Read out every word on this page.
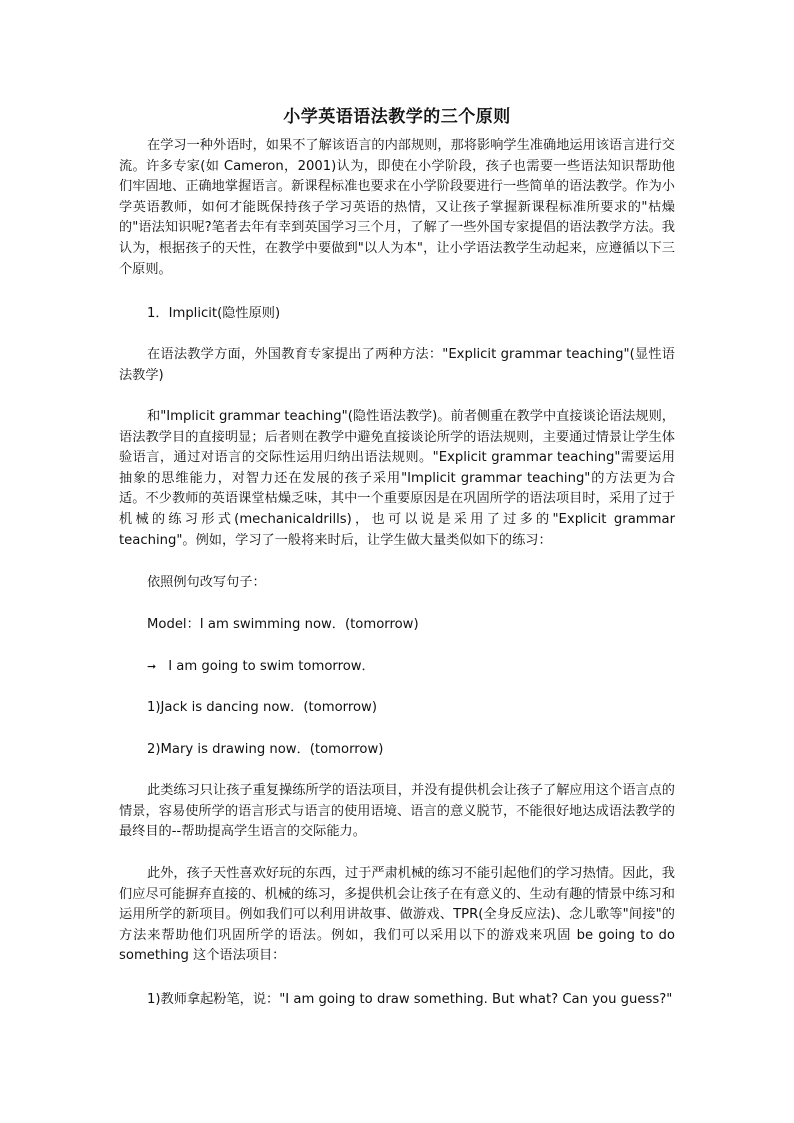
小学英语语法教学的三个原则

在学习一种外语时，如果不了解该语言的内部规则，那将影响学生准确地运用该语言进行交流。许多专家(如 Cameron，2001)认为，即使在小学阶段，孩子也需要一些语法知识帮助他们牢固地、正确地掌握语言。新课程标准也要求在小学阶段要进行一些简单的语法教学。作为小学英语教师，如何才能既保持孩子学习英语的热情，又让孩子掌握新课程标准所要求的"枯燥的"语法知识呢?笔者去年有幸到英国学习三个月，了解了一些外国专家提倡的语法教学方法。我认为，根据孩子的天性，在教学中要做到"以人为本"，让小学语法教学生动起来，应遵循以下三个原则。

1．Implicit(隐性原则)

在语法教学方面，外国教育专家提出了两种方法："Explicit grammar teaching"(显性语法教学)

和"Implicit grammar teaching"(隐性语法教学)。前者侧重在教学中直接谈论语法规则，语法教学目的直接明显；后者则在教学中避免直接谈论所学的语法规则，主要通过情景让学生体验语言，通过对语言的交际性运用归纳出语法规则。"Explicit grammar teaching"需要运用抽象的思维能力，对智力还在发展的孩子采用"Implicit grammar teaching"的方法更为合适。不少教师的英语课堂枯燥乏味，其中一个重要原因是在巩固所学的语法项目时，采用了过于机械的练习形式(mechanicaldrills)，也可以说是采用了过多的"Explicit grammar teaching"。例如，学习了一般将来时后，让学生做大量类似如下的练习：

依照例句改写句子：
Model：I am swimming now．(tomorrow)
➞ I am going to swim tomorrow．
1)Jack is dancing now．(tomorrow)
2)Mary is drawing now．(tomorrow)

此类练习只让孩子重复操练所学的语法项目，并没有提供机会让孩子了解应用这个语言点的情景，容易使所学的语言形式与语言的使用语境、语言的意义脱节，不能很好地达成语法教学的最终目的--帮助提高学生语言的交际能力。

此外，孩子天性喜欢好玩的东西，过于严肃机械的练习不能引起他们的学习热情。因此，我们应尽可能摒弃直接的、机械的练习，多提供机会让孩子在有意义的、生动有趣的情景中练习和运用所学的新项目。例如我们可以利用讲故事、做游戏、TPR(全身反应法)、念儿歌等"间接"的方法来帮助他们巩固所学的语法。例如，我们可以采用以下的游戏来巩固 be going to do something 这个语法项目：

1)教师拿起粉笔，说："I am going to draw something. But what? Can you guess?"
